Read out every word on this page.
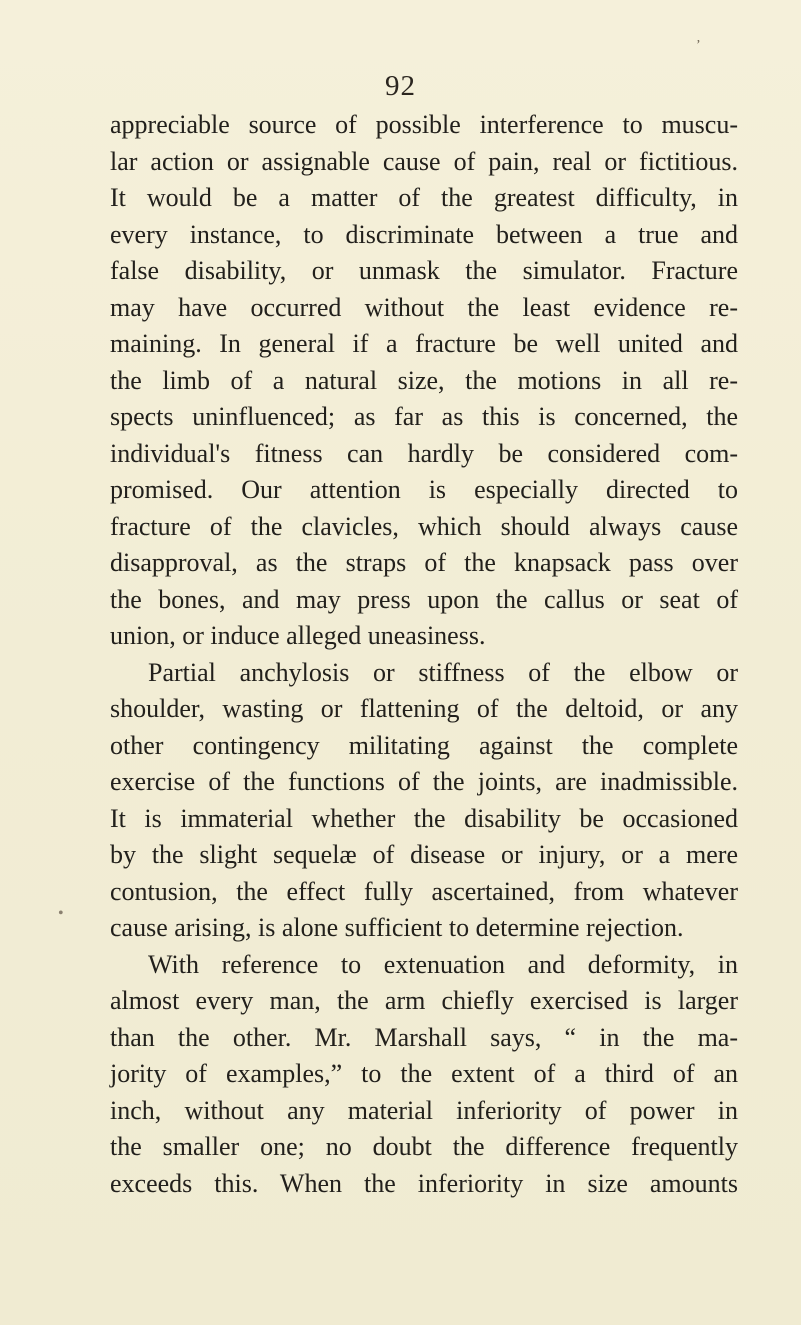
’
92
appreciable source of possible interference to muscu-
lar action or assignable cause of pain, real or fictitious.
It would be a matter of the greatest difficulty, in
every instance, to discriminate between a true and
false disability, or unmask the simulator. Fracture
may have occurred without the least evidence re-
maining. In general if a fracture be well united and
the limb of a natural size, the motions in all re-
spects uninfluenced; as far as this is concerned, the
individual's fitness can hardly be considered com-
promised. Our attention is especially directed to
fracture of the clavicles, which should always cause
disapproval, as the straps of the knapsack pass over
the bones, and may press upon the callus or seat of
union, or induce alleged uneasiness.
Partial anchylosis or stiffness of the elbow or
shoulder, wasting or flattening of the deltoid, or any
other contingency militating against the complete
exercise of the functions of the joints, are inadmissible.
It is immaterial whether the disability be occasioned
by the slight sequelæ of disease or injury, or a mere
contusion, the effect fully ascertained, from whatever
cause arising, is alone sufficient to determine rejection.
With reference to extenuation and deformity, in
almost every man, the arm chiefly exercised is larger
than the other. Mr. Marshall says, “ in the ma-
jority of examples,” to the extent of a third of an
inch, without any material inferiority of power in
the smaller one; no doubt the difference frequently
exceeds this. When the inferiority in size amounts
•
